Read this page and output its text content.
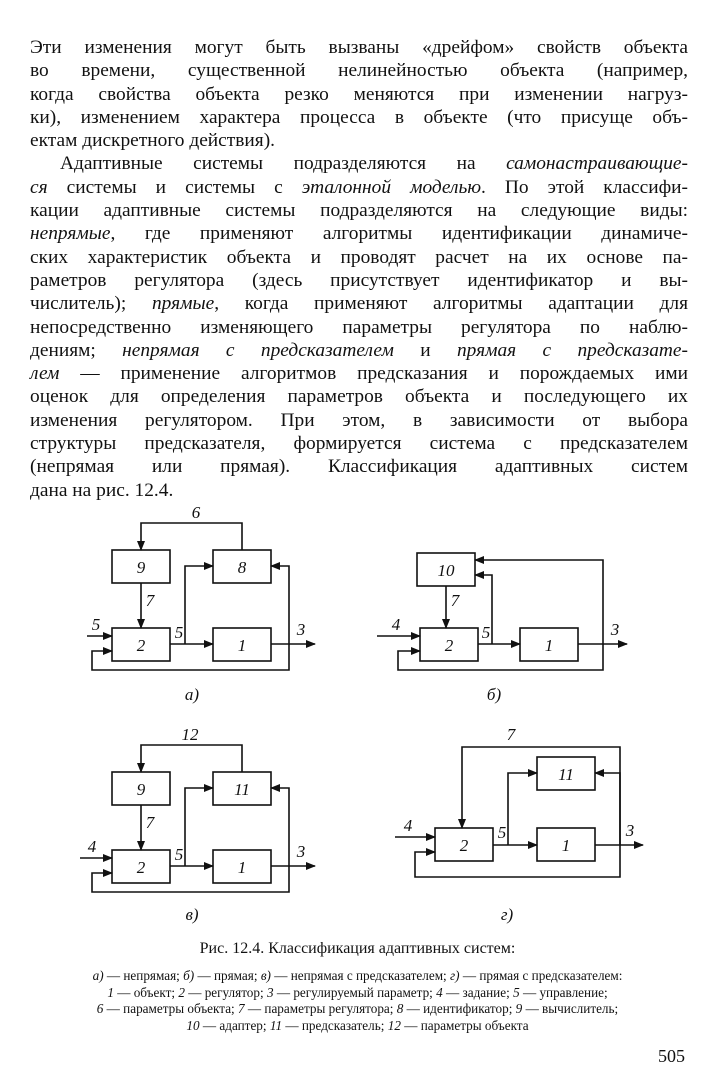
Эти изменения могут быть вызваны «дрейфом» свойств объекта
во времени, существенной нелинейностью объекта (например,
когда свойства объекта резко меняются при изменении нагруз-
ки), изменением характера процесса в объекте (что присуще объ-
ектам дискретного действия).

Адаптивные системы подразделяются на самонастраивающие-
ся системы и системы с эталонной моделью. По этой классифи-
кации адаптивные системы подразделяются на следующие виды:
непрямые, где применяют алгоритмы идентификации динамиче-
ских характеристик объекта и проводят расчет на их основе па-
раметров регулятора (здесь присутствует идентификатор и вы-
числитель); прямые, когда применяют алгоритмы адаптации для
непосредственно изменяющего параметры регулятора по наблю-
дениям; непрямая с предсказателем и прямая с предсказате-
лем — применение алгоритмов предсказания и порождаемых ими
оценок для определения параметров объекта и последующего их
изменения регулятором. При этом, в зависимости от выбора
структуры предсказателя, формируется система с предсказателем
(непрямая или прямая). Классификация адаптивных систем
дана на рис. 12.4.

9	8
2	1
6
7
5	5	3
а)
10
2	1
7
4	5	3
б)
9	11
2	1
12
7
4	5	3
в)
11
2	1
7
4	5	3
г)
Рис. 12.4. Классификация адаптивных систем:
а) — непрямая; б) — прямая; в) — непрямая с предсказателем; г) — прямая с предсказателем:
1 — объект; 2 — регулятор; 3 — регулируемый параметр; 4 — задание; 5 — управление;
6 — параметры объекта; 7 — параметры регулятора; 8 — идентификатор; 9 — вычислитель;
10 — адаптер; 11 — предсказатель; 12 — параметры объекта
505
